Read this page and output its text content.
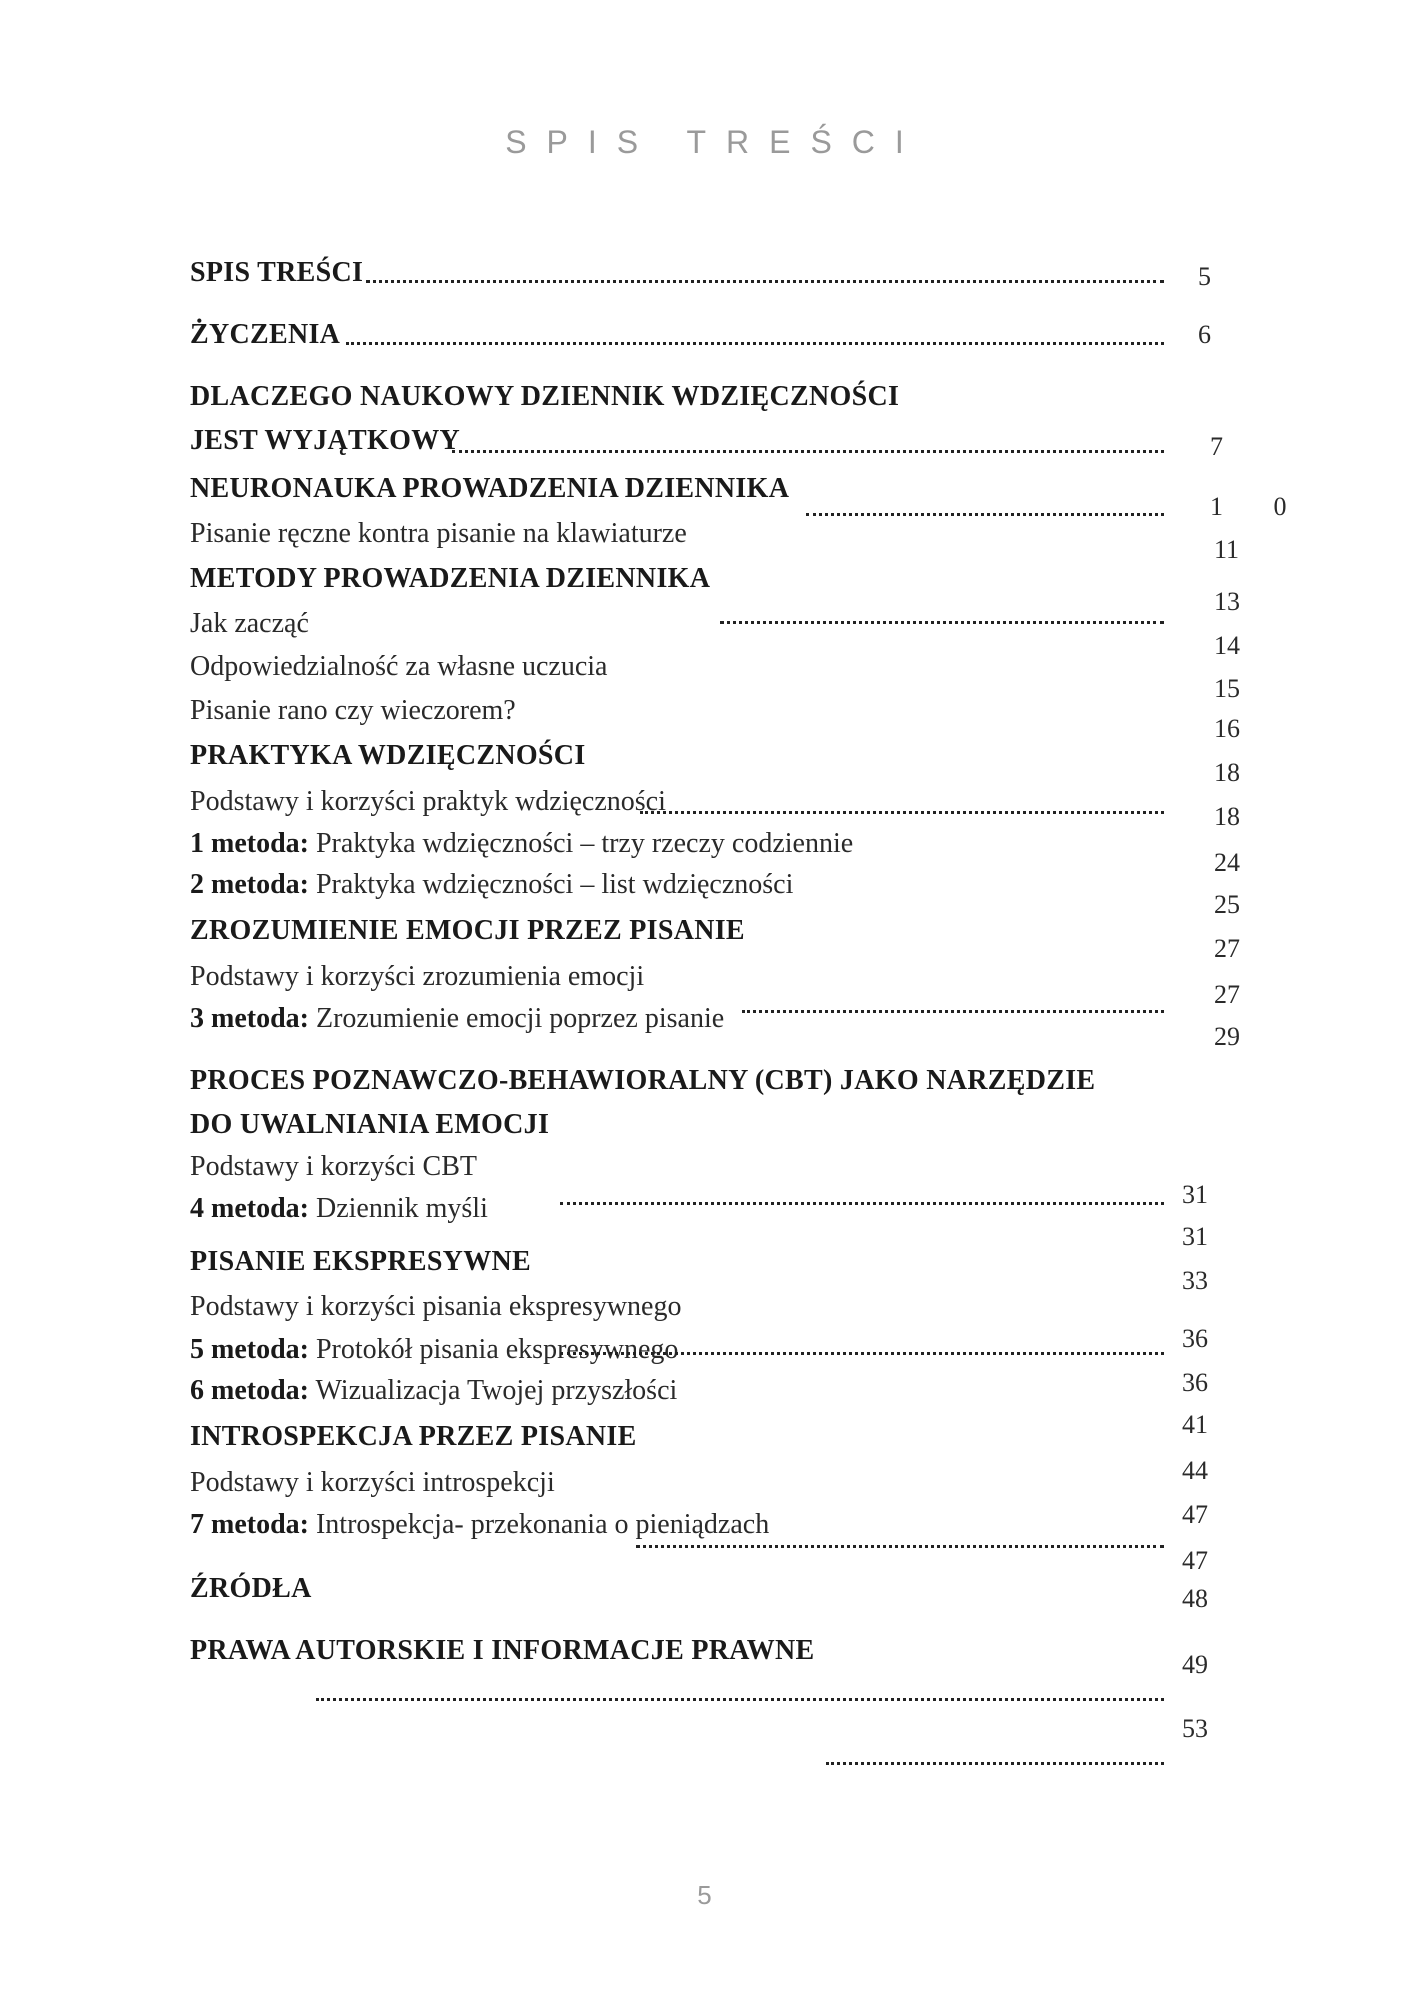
SPIS TREŚCI
SPIS TREŚCI
ŻYCZENIA
DLACZEGO NAUKOWY DZIENNIK WDZIĘCZNOŚCI
JEST WYJĄTKOWY
NEURONAUKA PROWADZENIA DZIENNIKA
Pisanie ręczne kontra pisanie na klawiaturze
METODY PROWADZENIA DZIENNIKA
Jak zacząć
Odpowiedzialność za własne uczucia
Pisanie rano czy wieczorem?
PRAKTYKA WDZIĘCZNOŚCI
Podstawy i korzyści praktyk wdzięczności
1 metoda: Praktyka wdzięczności – trzy rzeczy codziennie
2 metoda: Praktyka wdzięczności – list wdzięczności
ZROZUMIENIE EMOCJI PRZEZ PISANIE
Podstawy i korzyści zrozumienia emocji
3 metoda: Zrozumienie emocji poprzez pisanie
PROCES POZNAWCZO-BEHAWIORALNY (CBT) JAKO NARZĘDZIE
DO UWALNIANIA EMOCJI
Podstawy i korzyści CBT
4 metoda: Dziennik myśli
PISANIE EKSPRESYWNE
Podstawy i korzyści pisania ekspresywnego
5 metoda: Protokół pisania ekspresywnego
6 metoda: Wizualizacja Twojej przyszłości
INTROSPEKCJA PRZEZ PISANIE
Podstawy i korzyści introspekcji
7 metoda: Introspekcja- przekonania o pieniądzach
ŹRÓDŁA
PRAWA AUTORSKIE I INFORMACJE PRAWNE
5
6
7
1 0
11
13
14
15
16
18
18
24
25
27
27
29
31
31
33
36
36
41
44
47
47
48
49
53
5
